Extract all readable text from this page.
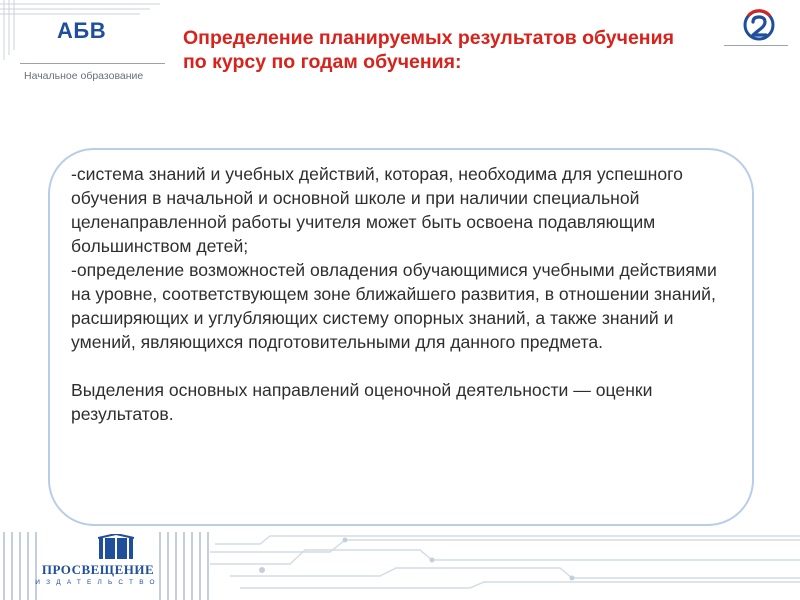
АБВ
Начальное образование
Определение планируемых результатов обучения по курсу по годам обучения:

-система знаний и учебных действий, которая, необходима для успешного обучения в начальной и основной школе и при наличии специальной целенаправленной работы учителя может быть освоена подавляющим большинством детей;

-определение возможностей овладения обучающимися учебными действиями на уровне, соответствующем зоне ближайшего развития, в отношении знаний, расширяющих и углубляющих систему опорных знаний, а также знаний и умений, являющихся подготовительными для данного предмета.

Выделения основных направлений оценочной деятельности — оценки результатов.

ПРОСВЕЩЕНИЕ
ИЗДАТЕЛЬСТВО
